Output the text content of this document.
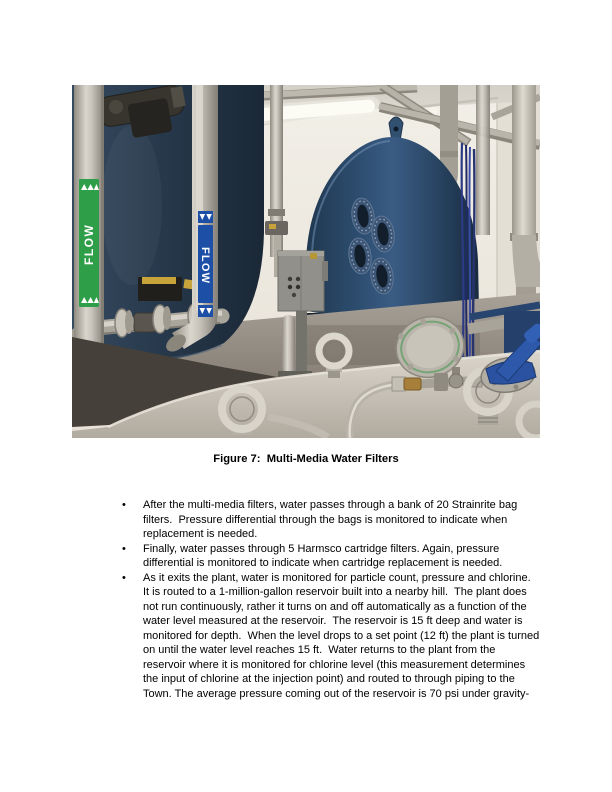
FLOW
FLOW
Figure 7:  Multi-Media Water Filters
•	After the multi-media filters, water passes through a bank of 20 Strainrite bag filters.  Pressure differential through the bags is monitored to indicate when replacement is needed.
•	Finally, water passes through 5 Harmsco cartridge filters. Again, pressure differential is monitored to indicate when cartridge replacement is needed.
•	As it exits the plant, water is monitored for particle count, pressure and chlorine.  It is routed to a 1-million-gallon reservoir built into a nearby hill.  The plant does not run continuously, rather it turns on and off automatically as a function of the water level measured at the reservoir.  The reservoir is 15 ft deep and water is monitored for depth.  When the level drops to a set point (12 ft) the plant is turned on until the water level reaches 15 ft.  Water returns to the plant from the reservoir where it is monitored for chlorine level (this measurement determines the input of chlorine at the injection point) and routed to through piping to the Town. The average pressure coming out of the reservoir is 70 psi under gravity-
